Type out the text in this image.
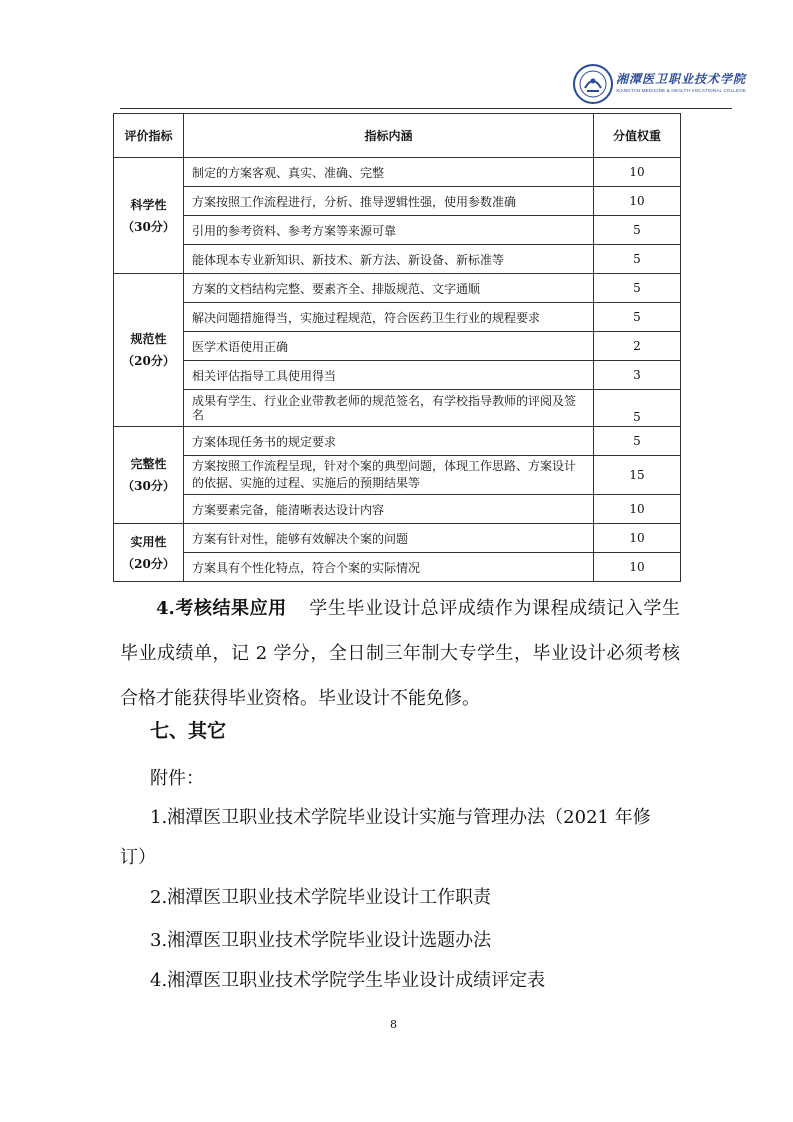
湘潭医卫职业技术学院
XIANGTAN MEDICINE & HEALTH VOCATIONAL COLLEGE
评价指标	指标内涵	分值权重

科学性
（30分）	制定的方案客观、真实、准确、完整	10
	方案按照工作流程进行，分析、推导逻辑性强，使用参数准确	10
	引用的参考资料、参考方案等来源可靠	5
	能体现本专业新知识、新技术、新方法、新设备、新标准等	5

规范性
（20分）	方案的文档结构完整、要素齐全、排版规范、文字通顺	5
	解决问题措施得当，实施过程规范，符合医药卫生行业的规程要求	5
	医学术语使用正确	2
	相关评估指导工具使用得当	3

	成果有学生、行业企业带教老师的规范签名，有学校指导教师的评阅及签名	5

完整性
（30分）	方案体现任务书的规定要求	5
	方案按照工作流程呈现，针对个案的典型问题，体现工作思路、方案设计的依据、实施的过程、实施后的预期结果等	15
	方案要素完备，能清晰表达设计内容	10

实用性
（20分）	方案有针对性，能够有效解决个案的问题	10
	方案具有个性化特点，符合个案的实际情况	10
4.考核结果应用 学生毕业设计总评成绩作为课程成绩记入学生毕业成绩单，记 2 学分，全日制三年制大专学生，毕业设计必须考核合格才能获得毕业资格。毕业设计不能免修。
七、其它
附件：
1.湘潭医卫职业技术学院毕业设计实施与管理办法（2021 年修
订）
2.湘潭医卫职业技术学院毕业设计工作职责
3.湘潭医卫职业技术学院毕业设计选题办法
4.湘潭医卫职业技术学院学生毕业设计成绩评定表
8
